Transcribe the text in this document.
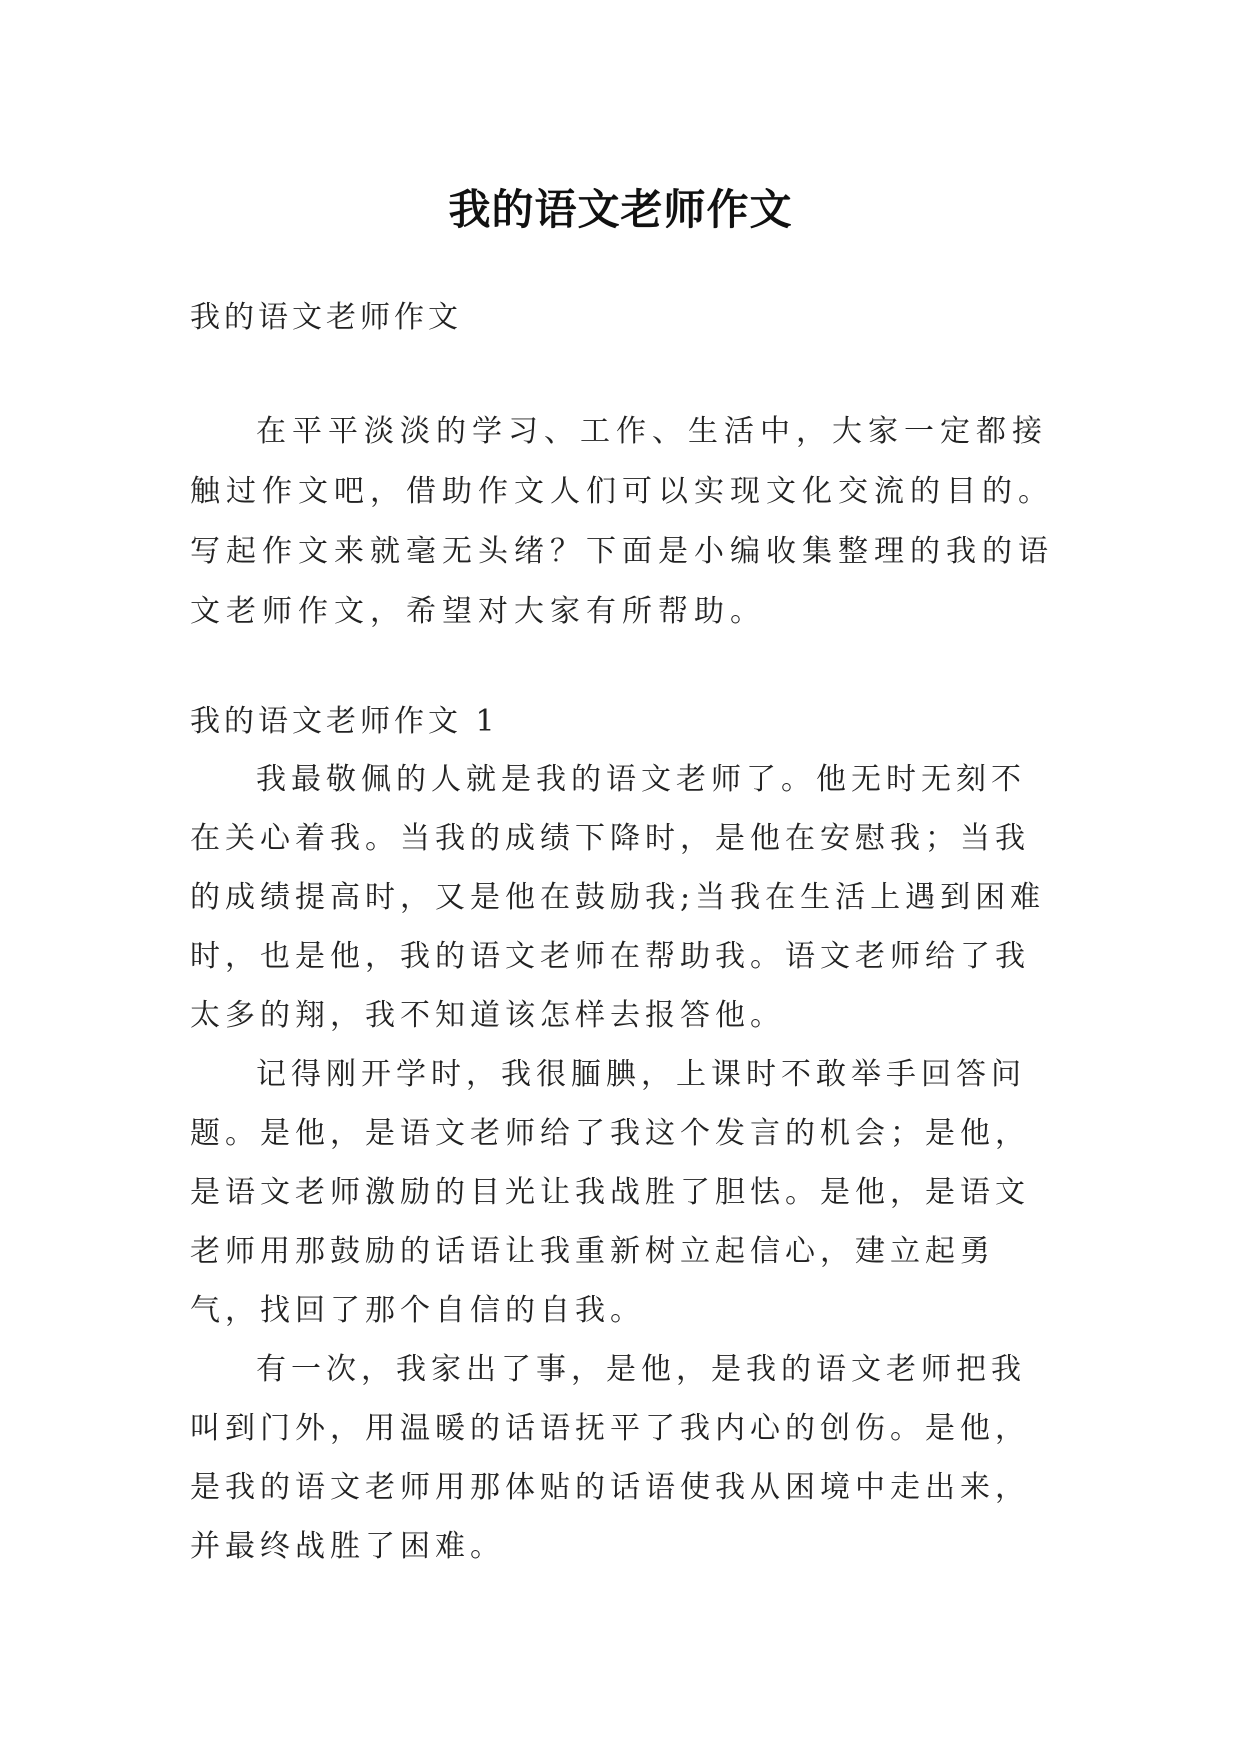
我的语文老师作文
我的语文老师作文

在平平淡淡的学习、工作、生活中，大家一定都接触过作文吧，借助作文人们可以实现文化交流的目的。写起作文来就毫无头绪？下面是小编收集整理的我的语文老师作文，希望对大家有所帮助。

我的语文老师作文 1

我最敬佩的人就是我的语文老师了。他无时无刻不在关心着我。当我的成绩下降时，是他在安慰我；当我的成绩提高时，又是他在鼓励我;当我在生活上遇到困难时，也是他，我的语文老师在帮助我。语文老师给了我太多的翔，我不知道该怎样去报答他。

记得刚开学时，我很腼腆，上课时不敢举手回答问题。是他，是语文老师给了我这个发言的机会；是他，是语文老师激励的目光让我战胜了胆怯。是他，是语文老师用那鼓励的话语让我重新树立起信心，建立起勇气，找回了那个自信的自我。

有一次，我家出了事，是他，是我的语文老师把我叫到门外，用温暖的话语抚平了我内心的创伤。是他，是我的语文老师用那体贴的话语使我从困境中走出来，并最终战胜了困难。
